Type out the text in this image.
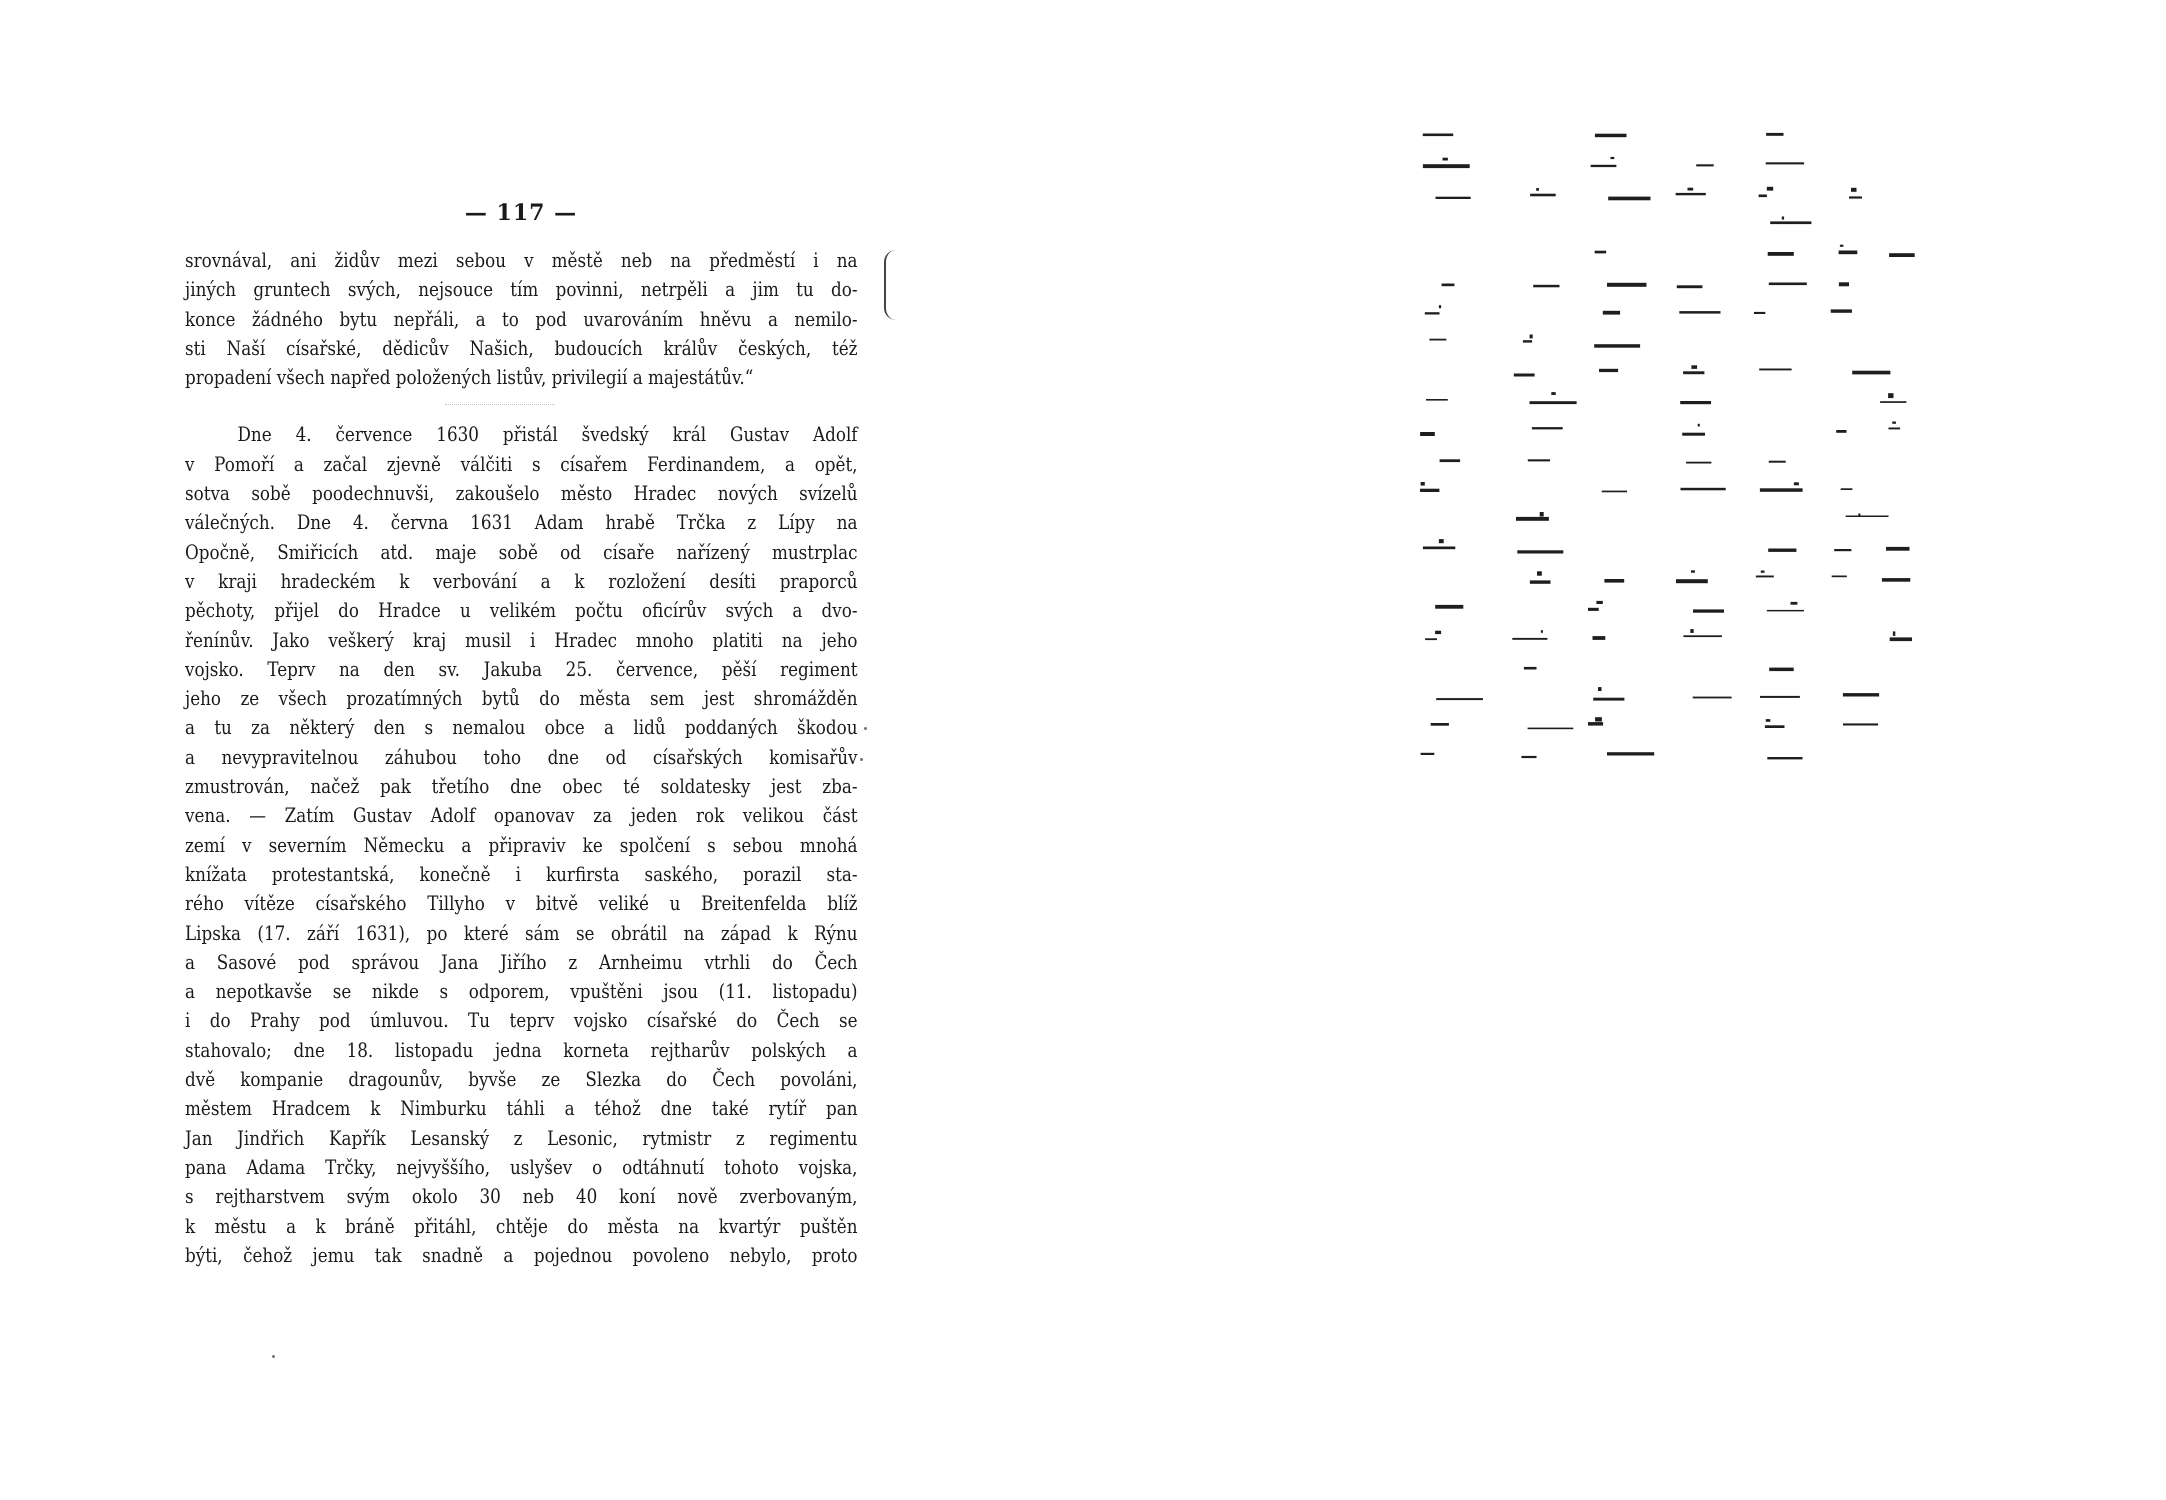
— 117 —
srovnával, ani židův mezi sebou v městě neb na předměstí i na
jiných gruntech svých, nejsouce tím povinni, netrpěli a jim tu do-
konce žádného bytu nepřáli, a to pod uvarováním hněvu a nemilo-
sti Naší císařské, dědicův Našich, budoucích králův českých, též
propadení všech napřed položených listův, privilegií a majestátův.“
Dne 4. července 1630 přistál švedský král Gustav Adolf
v Pomoří a začal zjevně válčiti s císařem Ferdinandem, a opět,
sotva sobě poodechnuvši, zakoušelo město Hradec nových svízelů
válečných. Dne 4. června 1631 Adam hrabě Trčka z Lípy na
Opočně, Smiřicích atd. maje sobě od císaře nařízený mustrplac
v kraji hradeckém k verbování a k rozložení desíti praporců
pěchoty, přijel do Hradce u velikém počtu oficírův svých a dvo-
řenínův. Jako veškerý kraj musil i Hradec mnoho platiti na jeho
vojsko. Teprv na den sv. Jakuba 25. července, pěší regiment
jeho ze všech prozatímných bytů do města sem jest shromážděn
a tu za některý den s nemalou obce a lidů poddaných škodou
a nevypravitelnou záhubou toho dne od císařských komisařův
zmustrován, načež pak třetího dne obec té soldatesky jest zba-
vena. — Zatím Gustav Adolf opanovav za jeden rok velikou část
zemí v severním Německu a připraviv ke spolčení s sebou mnohá
knížata protestantská, konečně i kurfirsta saského, porazil sta-
rého vítěze císařského Tillyho v bitvě veliké u Breitenfelda blíž
Lipska (17. září 1631), po které sám se obrátil na západ k Rýnu
a Sasové pod správou Jana Jiřího z Arnheimu vtrhli do Čech
a nepotkavše se nikde s odporem, vpuštěni jsou (11. listopadu)
i do Prahy pod úmluvou. Tu teprv vojsko císařské do Čech se
stahovalo; dne 18. listopadu jedna korneta rejtharův polských a
dvě kompanie dragounův, byvše ze Slezka do Čech povoláni,
městem Hradcem k Nimburku táhli a téhož dne také rytíř pan
Jan Jindřich Kapřík Lesanský z Lesonic, rytmistr z regimentu
pana Adama Trčky, nejvyššího, uslyšev o odtáhnutí tohoto vojska,
s rejtharstvem svým okolo 30 neb 40 koní nově zverbovaným,
k městu a k bráně přitáhl, chtěje do města na kvartýr puštěn
býti, čehož jemu tak snadně a pojednou povoleno nebylo, proto
